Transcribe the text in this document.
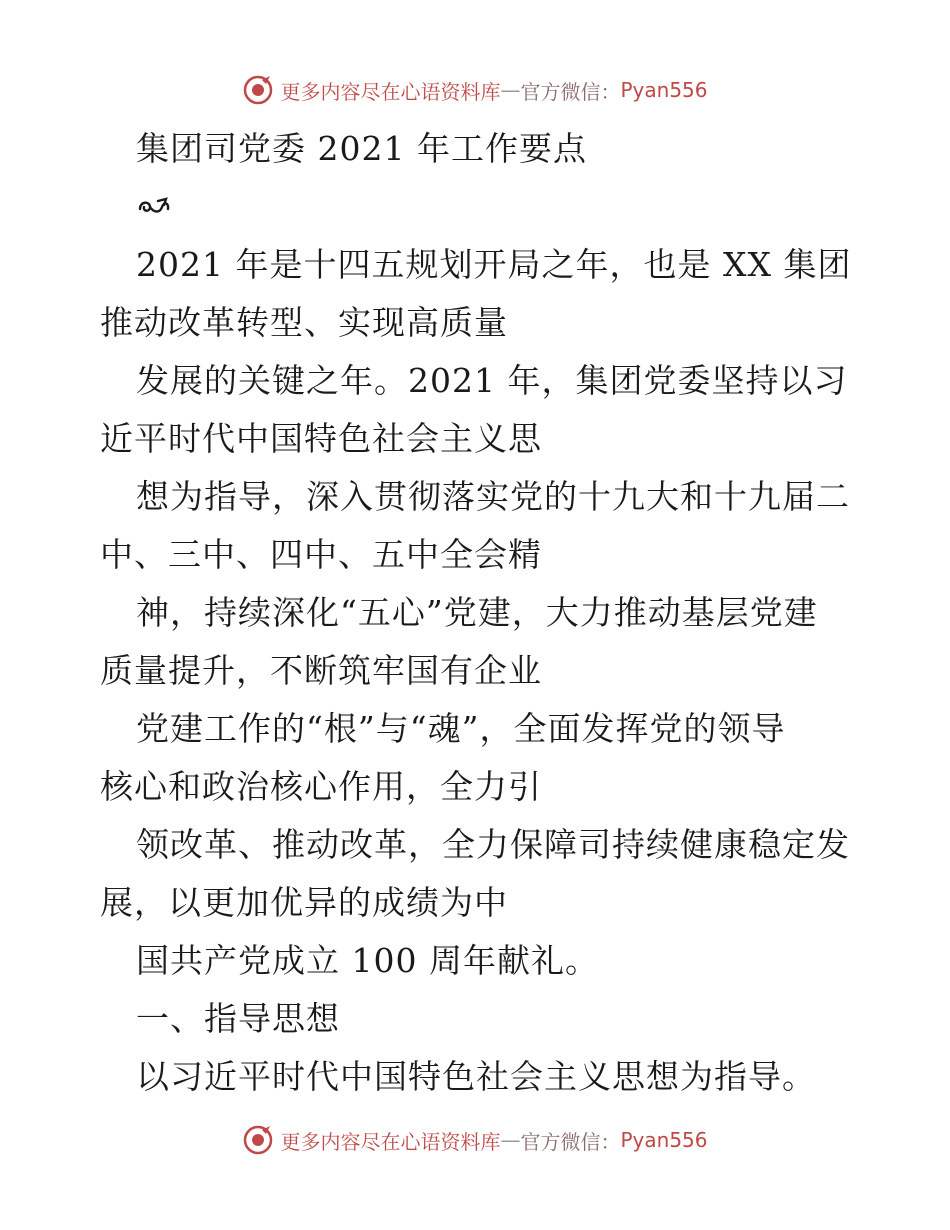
更多内容尽在心语资料库 — 官方微信： Pyan556
集团司党委 2021 年工作要点
2021 年是十四五规划开局之年，也是 XX 集团
推动改革转型、实现高质量
发展的关键之年。2021 年，集团党委坚持以习
近平时代中国特色社会主义思
想为指导，深入贯彻落实党的十九大和十九届二
中、三中、四中、五中全会精
神，持续深化“五心”党建，大力推动基层党建
质量提升，不断筑牢国有企业
党建工作的“根”与“魂”，全面发挥党的领导
核心和政治核心作用，全力引
领改革、推动改革，全力保障司持续健康稳定发
展，以更加优异的成绩为中
国共产党成立 100 周年献礼。
一、指导思想
以习近平时代中国特色社会主义思想为指导。
更多内容尽在心语资料库 — 官方微信： Pyan556
